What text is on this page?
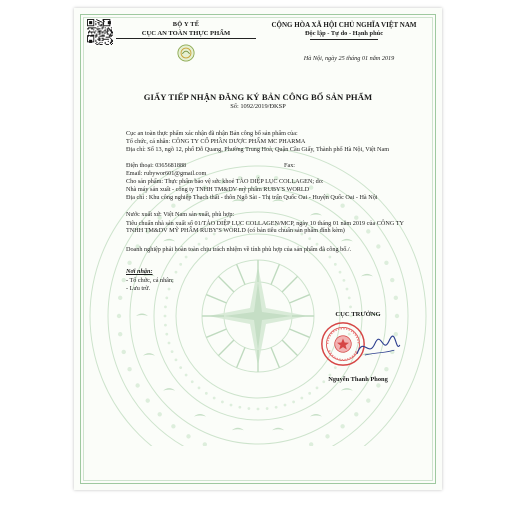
BỘ Y TẾ
CỤC AN TOÀN THỰC PHẨM
CỘNG HÒA XÃ HỘI CHỦ NGHĨA VIỆT NAM
Độc lập - Tự do - Hạnh phúc
Hà Nội, ngày 25 tháng 01 năm 2019
GIẤY TIẾP NHẬN ĐĂNG KÝ BẢN CÔNG BỐ SẢN PHẨM
Số: 1092/2019/ĐKSP
Cục an toàn thực phẩm xác nhận đã nhận Bản công bố sản phẩm của:
Tổ chức, cá nhân: CÔNG TY CỔ PHẦN DƯỢC PHẨM MC PHARMA
Địa chỉ: Số 13, ngõ 12, phố Đỗ Quang, Phường Trung Hoà, Quận Cầu Giấy, Thành phố Hà Nội, Việt Nam
Điện thoại: 0365681888	Fax:
Email: rubywor601@gmail.com
Cho sản phẩm: Thực phẩm bảo vệ sức khoẻ TẢO DIỆP LỤC COLLAGEN; do:
Nhà máy sản xuất - công ty TNHH TM&DV mỹ phẩm RUBY'S WORLD
Địa chỉ : Khu công nghiệp Thạch thất - thôn Ngô Sài - Thị trấn Quốc Oai - Huyện Quốc Oai - Hà Nội
Nước xuất xứ: Việt Nam sản xuất, phù hợp:
Tiêu chuẩn nhà sản xuất số 01/TẢO DIỆP LỤC COLLAGEN/MCP, ngày 10 tháng 01 năm 2019 của CÔNG TY TNHH TM&DV MỸ PHẨM RUBY'S WORLD (có bản tiêu chuẩn sản phẩm đính kèm)
Doanh nghiệp phải hoàn toàn chịu trách nhiệm về tính phù hợp của sản phẩm đã công bố./.
Nơi nhận:
- Tổ chức, cá nhân;
- Lưu trữ.
CỤC TRƯỞNG
Nguyễn Thanh Phong
